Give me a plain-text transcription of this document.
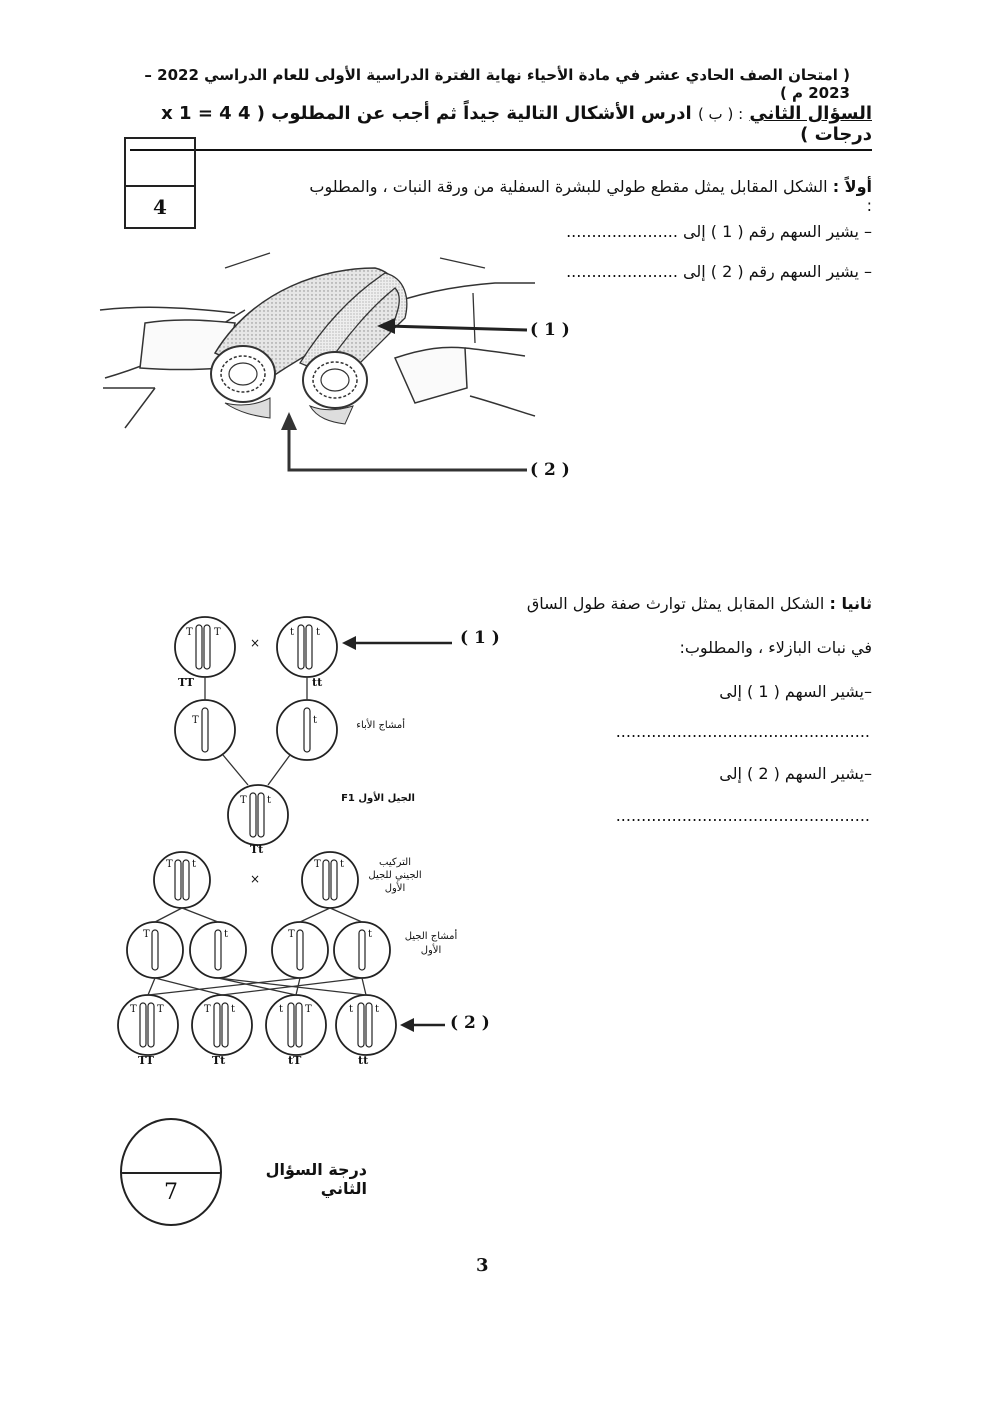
( امتحان الصف الحادي عشر في مادة الأحياء نهاية الفترة الدراسية الأولى للعام الدراسي 2022 – 2023 م )
السؤال الثاني : ( ب ) ادرس الأشكال التالية جيداً ثم أجب عن المطلوب ( 4 x 1 = 4 درجات )
4
أولاً : الشكل المقابل يمثل مقطع طولي للبشرة السفلية من ورقة النبات ، والمطلوب :
– يشير السهم رقم ( 1 ) إلى ......................
– يشير السهم رقم ( 2 ) إلى ......................
( 1 )
( 2 )
ثانيا : الشكل المقابل يمثل توارث صفة طول الساق
في نبات البازلاء ، والمطلوب:
–يشير السهم ( 1 ) إلى
..................................................
–يشير السهم ( 2 ) إلى
..................................................
T T	t t
T	t
T t
T t	T t
T	t	T	t
T T	T t	t T	t t
( 1 )
( 2 )
×
×
TT	tt
أمشاج الأباء
الجيل الأول F1
Tt
التركيب
الجيني للجيل
الأول
أمشاج الجيل
الأول
TT	Tt	tT	tt
7
درجة السؤال الثاني
3
